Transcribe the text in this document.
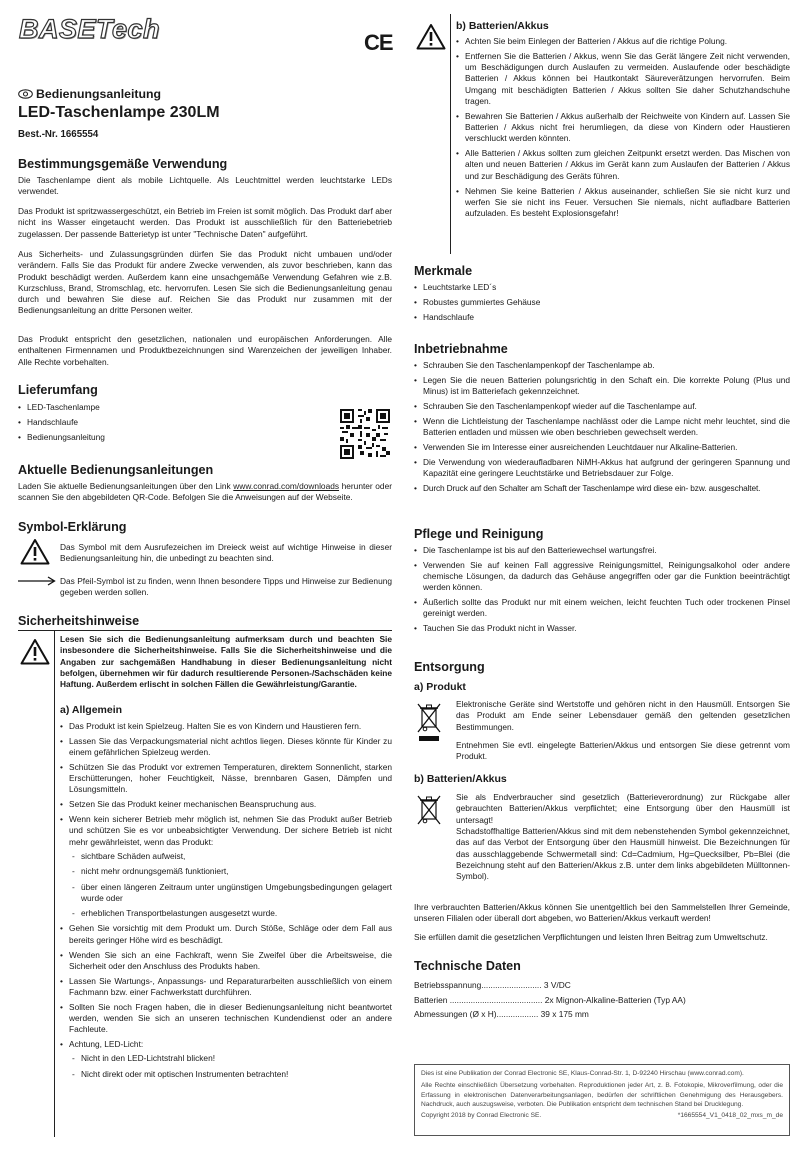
BASETech
Bedienungsanleitung
LED-Taschenlampe 230LM
Best.-Nr. 1665554
Bestimmungsgemäße Verwendung

Die Taschenlampe dient als mobile Lichtquelle. Als Leuchtmittel werden leuchtstarke LEDs verwendet.

Das Produkt ist spritzwassergeschützt, ein Betrieb im Freien ist somit möglich. Das Produkt darf aber nicht ins Wasser eingetaucht werden. Das Produkt ist ausschließlich für den Batteriebetrieb zugelassen. Der passende Batterietyp ist unter "Technische Daten" aufgeführt.

Aus Sicherheits- und Zulassungsgründen dürfen Sie das Produkt nicht umbauen und/oder verändern. Falls Sie das Produkt für andere Zwecke verwenden, als zuvor beschrieben, kann das Produkt beschädigt werden. Außerdem kann eine unsachgemäße Verwendung Gefahren wie z.B. Kurzschluss, Brand, Stromschlag, etc. hervorrufen. Lesen Sie sich die Bedienungsanleitung genau durch und bewahren Sie diese auf. Reichen Sie das Produkt nur zusammen mit der Bedienungsanleitung an dritte Personen weiter.

Das Produkt entspricht den gesetzlichen, nationalen und europäischen Anforderungen. Alle enthaltenen Firmennamen und Produktbezeichnungen sind Warenzeichen der jeweiligen Inhaber. Alle Rechte vorbehalten.

Lieferumfang
• LED-Taschenlampe
• Handschlaufe
• Bedienungsanleitung
Aktuelle Bedienungsanleitungen

Laden Sie aktuelle Bedienungsanleitungen über den Link www.conrad.com/downloads herunter oder scannen Sie den abgebildeten QR-Code. Befolgen Sie die Anweisungen auf der Webseite.

Symbol-Erklärung

Das Symbol mit dem Ausrufezeichen im Dreieck weist auf wichtige Hinweise in dieser Bedienungsanleitung hin, die unbedingt zu beachten sind.

Das Pfeil-Symbol ist zu finden, wenn Ihnen besondere Tipps und Hinweise zur Bedienung gegeben werden sollen.

Sicherheitshinweise

Lesen Sie sich die Bedienungsanleitung aufmerksam durch und beachten Sie insbesondere die Sicherheitshinweise. Falls Sie die Sicherheitshinweise und die Angaben zur sachgemäßen Handhabung in dieser Bedienungsanleitung nicht befolgen, übernehmen wir für dadurch resultierende Personen-/Sachschäden keine Haftung. Außerdem erlischt in solchen Fällen die Gewährleistung/Garantie.

a) Allgemein
• Das Produkt ist kein Spielzeug. Halten Sie es von Kindern und Haustieren fern.
• Lassen Sie das Verpackungsmaterial nicht achtlos liegen. Dieses könnte für Kinder zu einem gefährlichen Spielzeug werden.
• Schützen Sie das Produkt vor extremen Temperaturen, direktem Sonnenlicht, starken Erschütterungen, hoher Feuchtigkeit, Nässe, brennbaren Gasen, Dämpfen und Lösungsmitteln.
• Setzen Sie das Produkt keiner mechanischen Beanspruchung aus.
• Wenn kein sicherer Betrieb mehr möglich ist, nehmen Sie das Produkt außer Betrieb und schützen Sie es vor unbeabsichtigter Verwendung. Der sichere Betrieb ist nicht mehr gewährleistet, wenn das Produkt:
- sichtbare Schäden aufweist,
- nicht mehr ordnungsgemäß funktioniert,
- über einen längeren Zeitraum unter ungünstigen Umgebungsbedingungen gelagert wurde oder
- erheblichen Transportbelastungen ausgesetzt wurde.
• Gehen Sie vorsichtig mit dem Produkt um. Durch Stöße, Schläge oder dem Fall aus bereits geringer Höhe wird es beschädigt.
• Wenden Sie sich an eine Fachkraft, wenn Sie Zweifel über die Arbeitsweise, die Sicherheit oder den Anschluss des Produkts haben.
• Lassen Sie Wartungs-, Anpassungs- und Reparaturarbeiten ausschließlich von einem Fachmann bzw. einer Fachwerkstatt durchführen.
• Sollten Sie noch Fragen haben, die in dieser Bedienungsanleitung nicht beantwortet werden, wenden Sie sich an unseren technischen Kundendienst oder an andere Fachleute.
• Achtung, LED-Licht:
- Nicht in den LED-Lichtstrahl blicken!
- Nicht direkt oder mit optischen Instrumenten betrachten!
b) Batterien/Akkus
• Achten Sie beim Einlegen der Batterien / Akkus auf die richtige Polung.
• Entfernen Sie die Batterien / Akkus, wenn Sie das Gerät längere Zeit nicht verwenden, um Beschädigungen durch Auslaufen zu vermeiden. Auslaufende oder beschädigte Batterien / Akkus können bei Hautkontakt Säureverätzungen hervorrufen. Beim Umgang mit beschädigten Batterien / Akkus sollten Sie daher Schutzhandschuhe tragen.
• Bewahren Sie Batterien / Akkus außerhalb der Reichweite von Kindern auf. Lassen Sie Batterien / Akkus nicht frei herumliegen, da diese von Kindern oder Haustieren verschluckt werden könnten.
• Alle Batterien / Akkus sollten zum gleichen Zeitpunkt ersetzt werden. Das Mischen von alten und neuen Batterien / Akkus im Gerät kann zum Auslaufen der Batterien / Akkus und zur Beschädigung des Geräts führen.
• Nehmen Sie keine Batterien / Akkus auseinander, schließen Sie sie nicht kurz und werfen Sie sie nicht ins Feuer. Versuchen Sie niemals, nicht aufladbare Batterien aufzuladen. Es besteht Explosionsgefahr!
CE
Merkmale
• Leuchtstarke LED´s
• Robustes gummiertes Gehäuse
• Handschlaufe
Inbetriebnahme
• Schrauben Sie den Taschenlampenkopf der Taschenlampe ab.
• Legen Sie die neuen Batterien polungsrichtig in den Schaft ein. Die korrekte Polung (Plus und Minus) ist im Batteriefach gekennzeichnet.
• Schrauben Sie den Taschenlampenkopf wieder auf die Taschenlampe auf.
• Wenn die Lichtleistung der Taschenlampe nachlässt oder die Lampe nicht mehr leuchtet, sind die Batterien entladen und müssen wie oben beschrieben gewechselt werden.
• Verwenden Sie im Interesse einer ausreichenden Leuchtdauer nur Alkaline-Batterien.
• Die Verwendung von wiederaufladbaren NiMH-Akkus hat aufgrund der geringeren Spannung und Kapazität eine geringere Leuchtstärke und Betriebsdauer zur Folge.
• Durch Druck auf den Schalter am Schaft der Taschenlampe wird diese ein- bzw. ausgeschaltet.
Pflege und Reinigung
• Die Taschenlampe ist bis auf den Batteriewechsel wartungsfrei.
• Verwenden Sie auf keinen Fall aggressive Reinigungsmittel, Reinigungsalkohol oder andere chemische Lösungen, da dadurch das Gehäuse angegriffen oder gar die Funktion beeinträchtigt werden können.
• Äußerlich sollte das Produkt nur mit einem weichen, leicht feuchten Tuch oder trockenen Pinsel gereinigt werden.
• Tauchen Sie das Produkt nicht in Wasser.
Entsorgung
a) Produkt

Elektronische Geräte sind Wertstoffe und gehören nicht in den Hausmüll. Entsorgen Sie das Produkt am Ende seiner Lebensdauer gemäß den geltenden gesetzlichen Bestimmungen.

Entnehmen Sie evtl. eingelegte Batterien/Akkus und entsorgen Sie diese getrennt vom Produkt.

b) Batterien/Akkus

Sie als Endverbraucher sind gesetzlich (Batterieverordnung) zur Rückgabe aller gebrauchten Batterien/Akkus verpflichtet; eine Entsorgung über den Hausmüll ist untersagt!

Schadstoffhaltige Batterien/Akkus sind mit dem nebenstehenden Symbol gekennzeichnet, das auf das Verbot der Entsorgung über den Hausmüll hinweist. Die Bezeichnungen für das ausschlaggebende Schwermetall sind: Cd=Cadmium, Hg=Quecksilber, Pb=Blei (die Bezeichnung steht auf den Batterien/Akkus z.B. unter dem links abgebildeten Mülltonnen-Symbol).

Ihre verbrauchten Batterien/Akkus können Sie unentgeltlich bei den Sammelstellen Ihrer Gemeinde, unseren Filialen oder überall dort abgeben, wo Batterien/Akkus verkauft werden!

Sie erfüllen damit die gesetzlichen Verpflichtungen und leisten Ihren Beitrag zum Umweltschutz.

Technische Daten
Betriebsspannung.......................... 3 V/DC
Batterien ........................................ 2x Mignon-Alkaline-Batterien (Typ AA)
Abmessungen (Ø x H).................. 39 x 175 mm

Dies ist eine Publikation der Conrad Electronic SE, Klaus-Conrad-Str. 1, D-92240 Hirschau (www.conrad.com).

Alle Rechte einschließlich Übersetzung vorbehalten. Reproduktionen jeder Art, z. B. Fotokopie, Mikroverfilmung, oder die Erfassung in elektronischen Datenverarbeitungsanlagen, bedürfen der schriftlichen Genehmigung des Herausgebers. Nachdruck, auch auszugsweise, verboten. Die Publikation entspricht dem technischen Stand bei Drucklegung.

Copyright 2018 by Conrad Electronic SE.	*1665554_V1_0418_02_mxs_m_de
